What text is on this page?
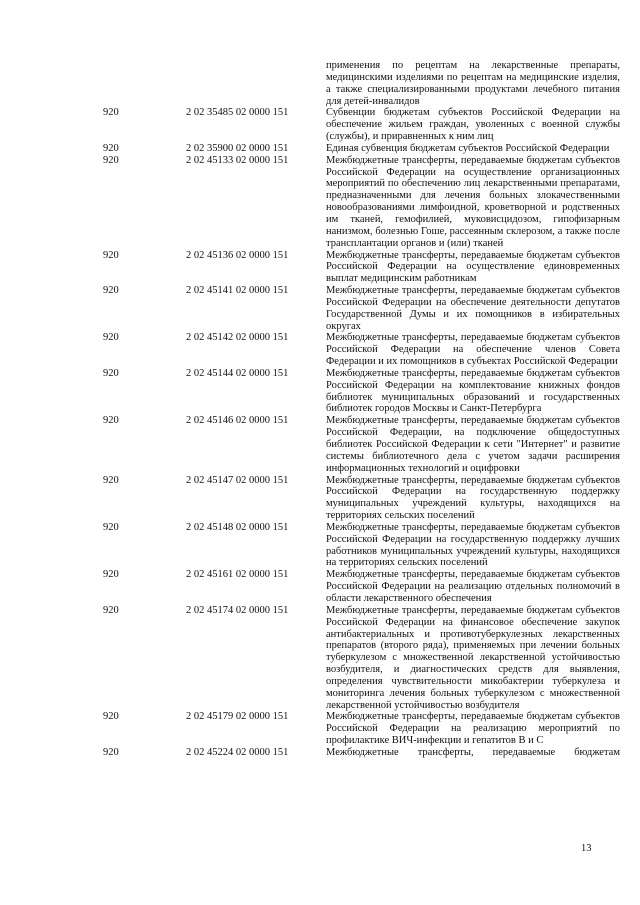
применения по рецептам на лекарственные препараты, медицинскими изделиями по рецептам на медицинские изделия, а также специализированными продуктами лечебного питания для детей-инвалидов
920	2 02 35485 02 0000 151	Субвенции бюджетам субъектов Российской Федерации на обеспечение жильем граждан, уволенных с военной службы (службы), и приравненных к ним лиц
920	2 02 35900 02 0000 151	Единая субвенция бюджетам субъектов Российской Федерации
920	2 02 45133 02 0000 151	Межбюджетные трансферты, передаваемые бюджетам субъектов Российской Федерации на осуществление организационных мероприятий по обеспечению лиц лекарственными препаратами, предназначенными для лечения больных злокачественными новообразованиями лимфоидной, кроветворной и родственных им тканей, гемофилией, муковисцидозом, гипофизарным нанизмом, болезнью Гоше, рассеянным склерозом, а также после трансплантации органов и (или) тканей
920	2 02 45136 02 0000 151	Межбюджетные трансферты, передаваемые бюджетам субъектов Российской Федерации на осуществление единовременных выплат медицинским работникам
920	2 02 45141 02 0000 151	Межбюджетные трансферты, передаваемые бюджетам субъектов Российской Федерации на обеспечение деятельности депутатов Государственной Думы и их помощников в избирательных округах
920	2 02 45142 02 0000 151	Межбюджетные трансферты, передаваемые бюджетам субъектов Российской Федерации на обеспечение членов Совета Федерации и их помощников в субъектах Российской Федерации
920	2 02 45144 02 0000 151	Межбюджетные трансферты, передаваемые бюджетам субъектов Российской Федерации на комплектование книжных фондов библиотек муниципальных образований и государственных библиотек городов Москвы и Санкт-Петербурга
920	2 02 45146 02 0000 151	Межбюджетные трансферты, передаваемые бюджетам субъектов Российской Федерации, на подключение общедоступных библиотек Российской Федерации к сети "Интернет" и развитие системы библиотечного дела с учетом задачи расширения информационных технологий и оцифровки
920	2 02 45147 02 0000 151	Межбюджетные трансферты, передаваемые бюджетам субъектов Российской Федерации на государственную поддержку муниципальных учреждений культуры, находящихся на территориях сельских поселений
920	2 02 45148 02 0000 151	Межбюджетные трансферты, передаваемые бюджетам субъектов Российской Федерации на государственную поддержку лучших работников муниципальных учреждений культуры, находящихся на территориях сельских поселений
920	2 02 45161 02 0000 151	Межбюджетные трансферты, передаваемые бюджетам субъектов Российской Федерации на реализацию отдельных полномочий в области лекарственного обеспечения
920	2 02 45174 02 0000 151	Межбюджетные трансферты, передаваемые бюджетам субъектов Российской Федерации на финансовое обеспечение закупок антибактериальных и противотуберкулезных лекарственных препаратов (второго ряда), применяемых при лечении больных туберкулезом с множественной лекарственной устойчивостью возбудителя, и диагностических средств для выявления, определения чувствительности микобактерии туберкулеза и мониторинга лечения больных туберкулезом с множественной лекарственной устойчивостью возбудителя
920	2 02 45179 02 0000 151	Межбюджетные трансферты, передаваемые бюджетам субъектов Российской Федерации на реализацию мероприятий по профилактике ВИЧ-инфекции и гепатитов B и C
920	2 02 45224 02 0000 151	Межбюджетные трансферты, передаваемые бюджетам
13
